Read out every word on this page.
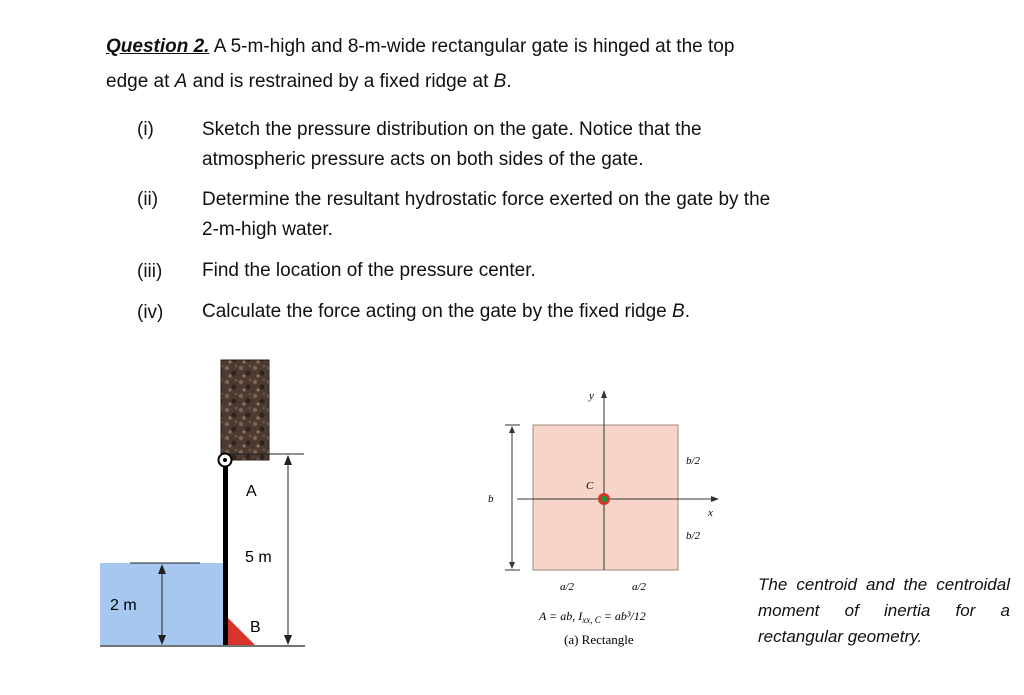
Question 2. A 5-m-high and 8-m-wide rectangular gate is hinged at the top
edge at A and is restrained by a fixed ridge at B.
(i)	Sketch the pressure distribution on the gate. Notice that the
atmospheric pressure acts on both sides of the gate.
(ii) Determine the resultant hydrostatic force exerted on the gate by the
2-m-high water.
(iii) Find the location of the pressure center.
(iv) Calculate the force acting on the gate by the fixed ridge B.
A
5 m
B
2 m
y
x
C
b
b/2
b/2
a/2	a/2
A = ab, $I_{xx, C} = ab^3/12$
(a) Rectangle
The centroid and the centroidal moment of inertia for a rectangular geometry.
